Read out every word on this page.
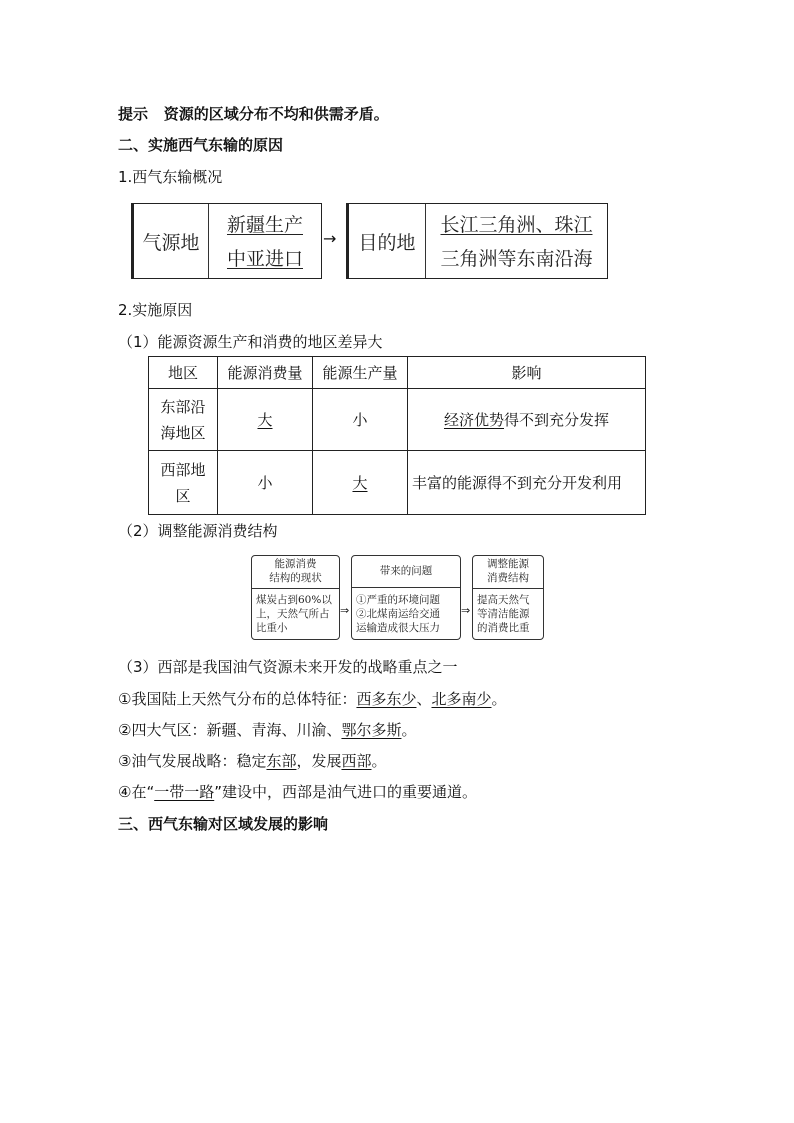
提示 资源的区域分布不均和供需矛盾。
二、实施西气东输的原因
1.西气东输概况
气源地
新疆生产
中亚进口
→	目的地
长江三角洲、珠江
三角洲等东南沿海
2.实施原因
（1）能源资源生产和消费的地区差异大
地区	能源消费量	能源生产量	影响

东部沿
海地区	大	小	经济优势得不到充分发挥

西部地
区	小	大	丰富的能源得不到充分开发利用
（2）调整能源消费结构
能源消费
结构的现状
煤炭占到60%以
上，天然气所占
比重小
⇒
带来的问题
①严重的环境问题
②北煤南运给交通
运输造成很大压力
⇒
调整能源
消费结构
提高天然气
等清洁能源
的消费比重
（3）西部是我国油气资源未来开发的战略重点之一
①我国陆上天然气分布的总体特征：西多东少、北多南少。
②四大气区：新疆、青海、川渝、鄂尔多斯。
③油气发展战略：稳定东部，发展西部。
④在“一带一路”建设中，西部是油气进口的重要通道。
三、西气东输对区域发展的影响
